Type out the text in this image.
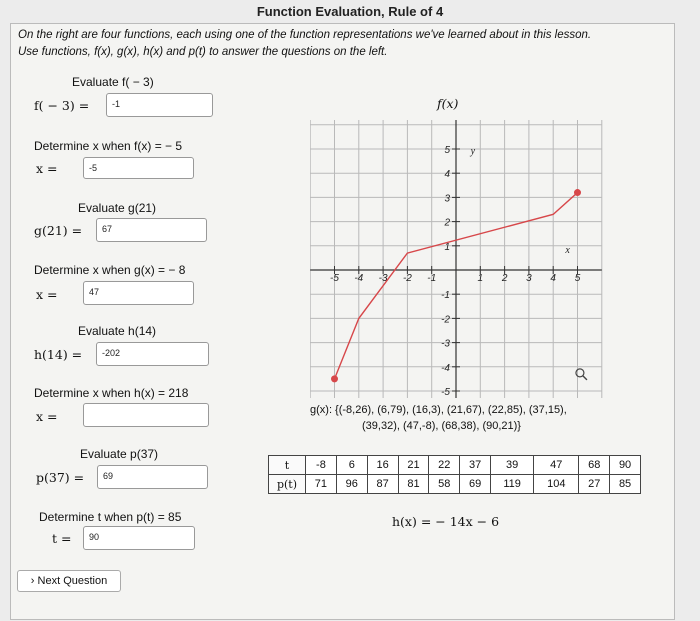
Function Evaluation, Rule of 4
On the right are four functions, each using one of the function representations we've learned about in this lesson.
Use functions, f(x), g(x), h(x) and p(t) to answer the questions on the left.
Evaluate f( − 3)
f( − 3) =	-1
Determine x when f(x) = − 5
x =	-5
Evaluate g(21)
g(21) =	67
Determine x when g(x) = − 8
x =	47
Evaluate h(14)
h(14) =	-202
Determine x when h(x) = 218
x =
Evaluate p(37)
p(37) =	69
Determine t when p(t) = 85
t =	90
f(x)
-5 -4 -3 -2 -1	1 2 3 4 5
5
4
3
2
1
-1
-2
-3
-4
-5
y
x
g(x): {(-8,26), (6,79), (16,3), (21,67), (22,85), (37,15),
(39,32), (47,-8), (68,38), (90,21)}
t	-8	6	16	21	22	37	39	47	68	90
p(t)	71	96	87	81	58	69	119	104	27	85
h(x) = − 14x − 6
› Next Question
